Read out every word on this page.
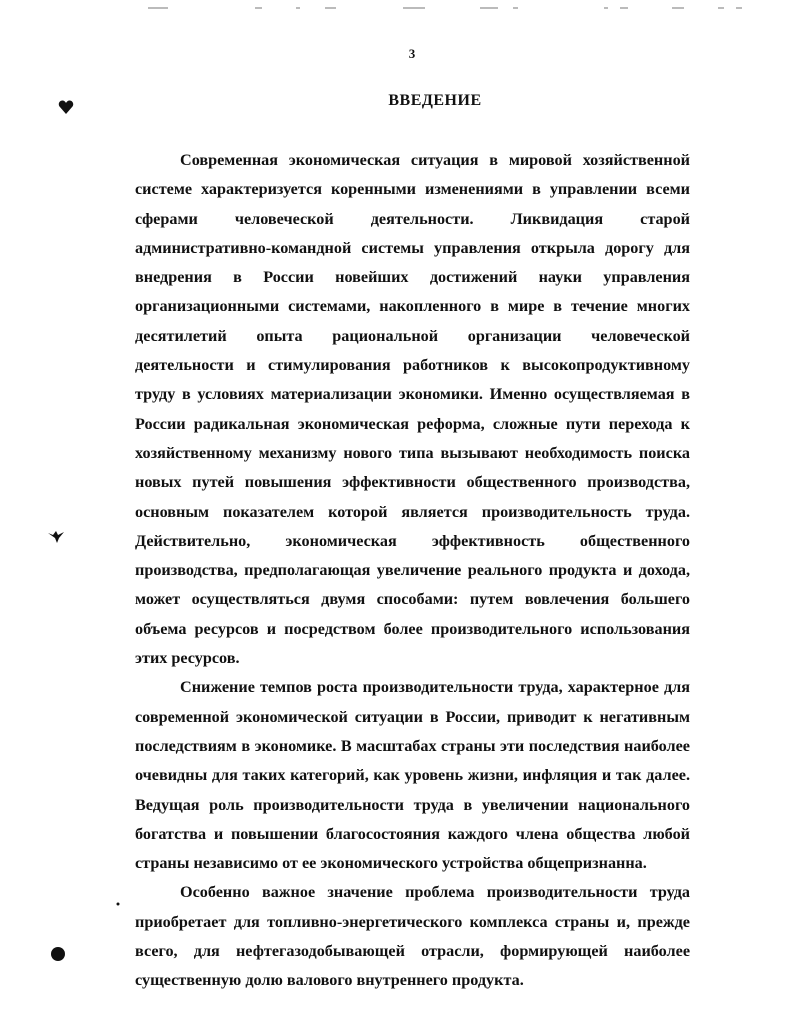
3
ВВЕДЕНИЕ

Современная экономическая ситуация в мировой хозяйственной системе характеризуется коренными изменениями в управлении всеми сферами человеческой деятельности. Ликвидация старой административно-командной системы управления открыла дорогу для внедрения в России новейших достижений науки управления организационными системами, накопленного в мире в течение многих десятилетий опыта рациональной организации человеческой деятельности и стимулирования работников к высокопродуктивному труду в условиях материализации экономики. Именно осуществляемая в России радикальная экономическая реформа, сложные пути перехода к хозяйственному механизму нового типа вызывают необходимость поиска новых путей повышения эффективности общественного производства, основным показателем которой является производительность труда. Действительно, экономическая эффективность общественного производства, предполагающая увеличение реального продукта и дохода, может осуществляться двумя способами: путем вовлечения большего объема ресурсов и посредством более производительного использования этих ресурсов.

Снижение темпов роста производительности труда, характерное для современной экономической ситуации в России, приводит к негативным последствиям в экономике. В масштабах страны эти последствия наиболее очевидны для таких категорий, как уровень жизни, инфляция и так далее. Ведущая роль производительности труда в увеличении национального богатства и повышении благосостояния каждого члена общества любой страны независимо от ее экономического устройства общепризнанна.

Особенно важное значение проблема производительности труда приобретает для топливно-энергетического комплекса страны и, прежде всего, для нефтегазодобывающей отрасли, формирующей наиболее существенную долю валового внутреннего продукта.
